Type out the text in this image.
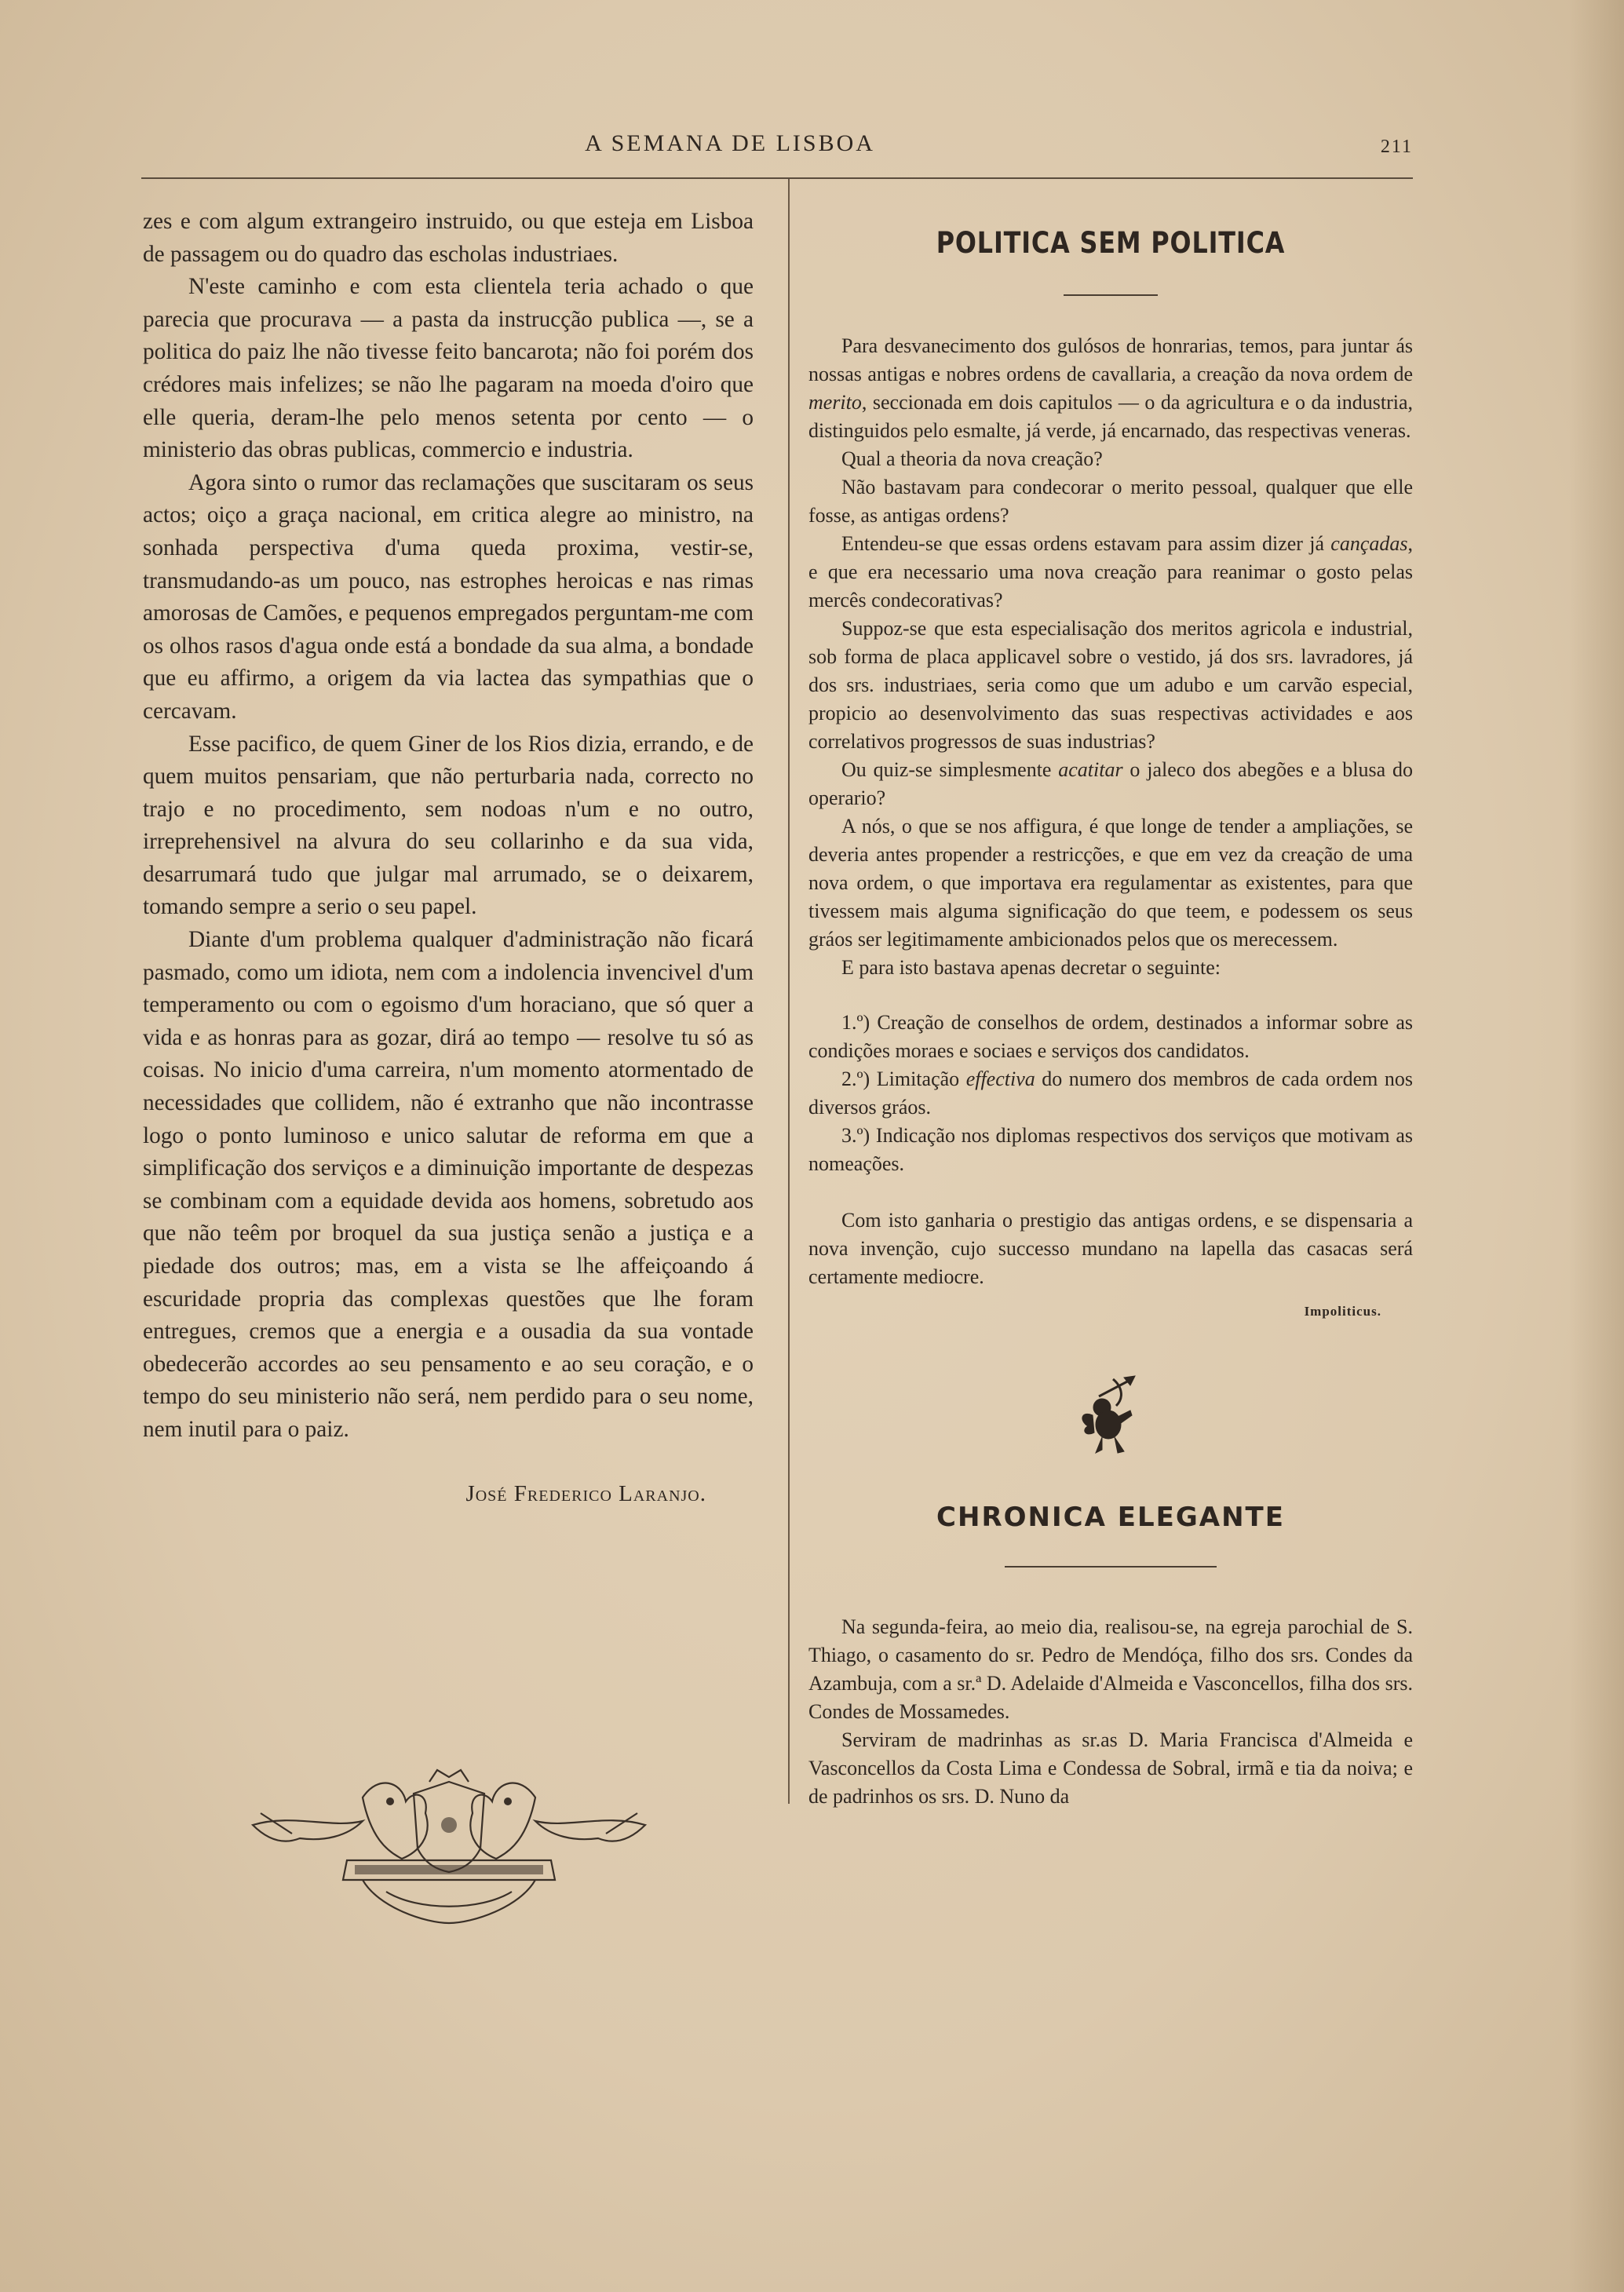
A SEMANA DE LISBOA	211

zes e com algum extrangeiro instruido, ou que esteja em Lisboa de passagem ou do quadro das escholas industriaes.

N'este caminho e com esta clientela teria achado o que parecia que procurava — a pasta da instrucção publica —, se a politica do paiz lhe não tivesse feito bancarota; não foi porém dos crédores mais infelizes; se não lhe pagaram na moeda d'oiro que elle queria, deram-lhe pelo menos setenta por cento — o ministerio das obras publicas, commercio e industria.

Agora sinto o rumor das reclamações que suscitaram os seus actos; oiço a graça nacional, em critica alegre ao ministro, na sonhada perspectiva d'uma queda proxima, vestir-se, transmudando-as um pouco, nas estrophes heroicas e nas rimas amorosas de Camões, e pequenos empregados perguntam-me com os olhos rasos d'agua onde está a bondade da sua alma, a bondade que eu affirmo, a origem da via lactea das sympathias que o cercavam.

Esse pacifico, de quem Giner de los Rios dizia, errando, e de quem muitos pensariam, que não perturbaria nada, correcto no trajo e no procedimento, sem nodoas n'um e no outro, irreprehensivel na alvura do seu collarinho e da sua vida, desarrumará tudo que julgar mal arrumado, se o deixarem, tomando sempre a serio o seu papel.

Diante d'um problema qualquer d'administração não ficará pasmado, como um idiota, nem com a indolencia invencivel d'um temperamento ou com o egoismo d'um horaciano, que só quer a vida e as honras para as gozar, dirá ao tempo — resolve tu só as coisas. No inicio d'uma carreira, n'um momento atormentado de necessidades que collidem, não é extranho que não incontrasse logo o ponto luminoso e unico salutar de reforma em que a simplificação dos serviços e a diminuição importante de despezas se combinam com a equidade devida aos homens, sobretudo aos que não teêm por broquel da sua justiça senão a justiça e a piedade dos outros; mas, em a vista se lhe affeiçoando á escuridade propria das complexas questões que lhe foram entregues, cremos que a energia e a ousadia da sua vontade obedecerão accordes ao seu pensamento e ao seu coração, e o tempo do seu ministerio não será, nem perdido para o seu nome, nem inutil para o paiz.

José Frederico Laranjo.
POLITICA SEM POLITICA

Para desvanecimento dos gulósos de honrarias, temos, para juntar ás nossas antigas e nobres ordens de cavallaria, a creação da nova ordem de merito, seccionada em dois capitulos — o da agricultura e o da industria, distinguidos pelo esmalte, já verde, já encarnado, das respectivas veneras.

Qual a theoria da nova creação?

Não bastavam para condecorar o merito pessoal, qualquer que elle fosse, as antigas ordens?

Entendeu-se que essas ordens estavam para assim dizer já cançadas, e que era necessario uma nova creação para reanimar o gosto pelas mercês condecorativas?

Suppoz-se que esta especialisação dos meritos agricola e industrial, sob forma de placa applicavel sobre o vestido, já dos srs. lavradores, já dos srs. industriaes, seria como que um adubo e um carvão especial, propicio ao desenvolvimento das suas respectivas actividades e aos correlativos progressos de suas industrias?

Ou quiz-se simplesmente acatitar o jaleco dos abegões e a blusa do operario?

A nós, o que se nos affigura, é que longe de tender a ampliações, se deveria antes propender a restricções, e que em vez da creação de uma nova ordem, o que importava era regulamentar as existentes, para que tivessem mais alguma significação do que teem, e podessem os seus gráos ser legitimamente ambicionados pelos que os merecessem.

E para isto bastava apenas decretar o seguinte:

1.º) Creação de conselhos de ordem, destinados a informar sobre as condições moraes e sociaes e serviços dos candidatos.

2.º) Limitação effectiva do numero dos membros de cada ordem nos diversos gráos.

3.º) Indicação nos diplomas respectivos dos serviços que motivam as nomeações.

Com isto ganharia o prestigio das antigas ordens, e se dispensaria a nova invenção, cujo successo mundano na lapella das casacas será certamente mediocre.

Impoliticus.
CHRONICA ELEGANTE

Na segunda-feira, ao meio dia, realisou-se, na egreja parochial de S. Thiago, o casamento do sr. Pedro de Mendóça, filho dos srs. Condes da Azambuja, com a sr.ª D. Adelaide d'Almeida e Vasconcellos, filha dos srs. Condes de Mossamedes.

Serviram de madrinhas as sr.as D. Maria Francisca d'Almeida e Vasconcellos da Costa Lima e Condessa de Sobral, irmã e tia da noiva; e de padrinhos os srs. D. Nuno da
